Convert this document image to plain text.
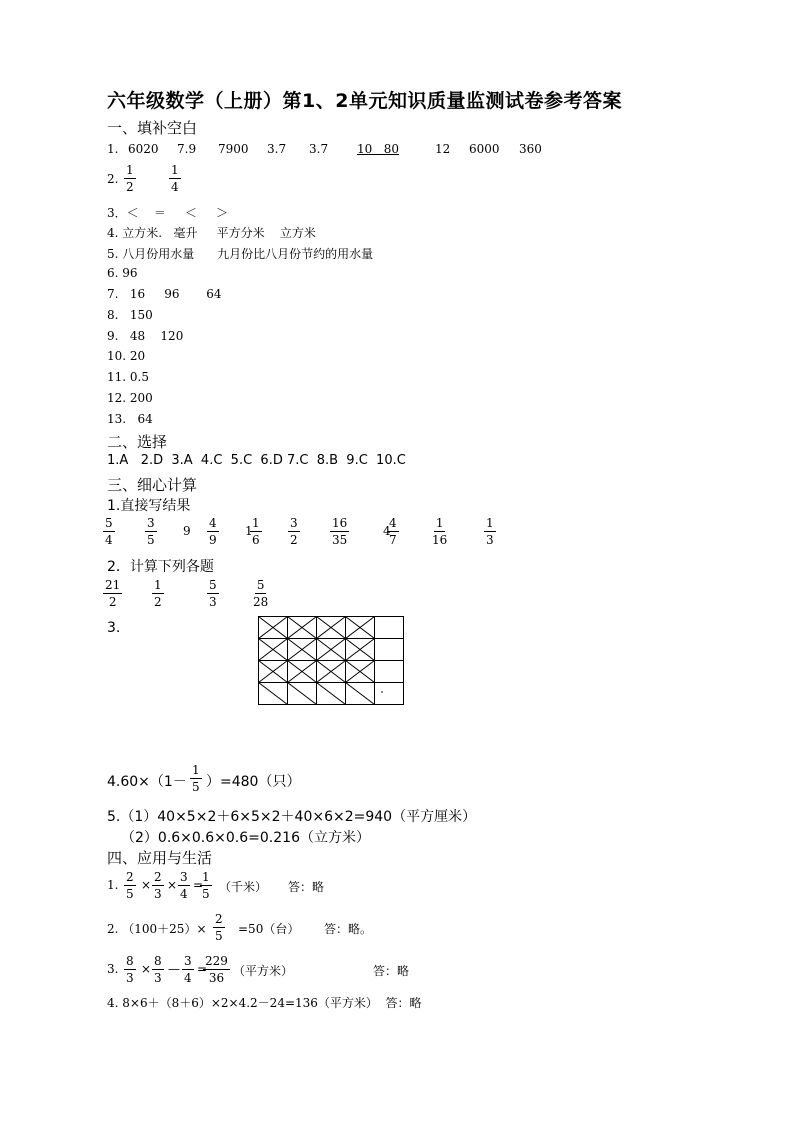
六年级数学（上册）第1、2单元知识质量监测试卷参考答案
一、填补空白
1. 6020 7.9 7900 3.7 3.7 10   80	12 6000 360
2. $\frac{1}{2}$	$\frac{1}{4}$
3．＜    ＝     ＜     ＞
4. 立方米.   毫升     平方分米    立方米
5. 八月份用水量      九月份比八月份节约的用水量
6. 96
7.   16     96       64
8.   150
9.   48    120
10. 20
11. 0.5
12. 200
13.   64
二、选择
1.A   2.D  3.A  4.C  5.C  6.D 7.C  8.B  9.C  10.C
三、细心计算
1.直接写结果
$\frac{5}{4}$	$\frac{3}{5} 9 \frac{4}{9} 1$
$\frac{1}{6} \frac{3}{2}$	$\frac{16}{35}$	4
$\frac{4}{7}$	$\frac{1}{16}$	$\frac{1}{3}$
2．计算下列各题
$\frac{21}{2} \frac{1}{2}$	$\frac{5}{3}$	$\frac{5}{28}$
3.
$4.60\times(1- \frac{1}{5} )=480$（只）
5.（1）40×5×2＋6×5×2＋40×6×2=940（平方厘米）
（2）0.6×0.6×0.6=0.216（立方米）
四、应用与生活
1. $\frac{2}{5} \times \frac{2}{3} \times \frac{3}{4}$ =
$\frac{1}{5}$ （千米） 答：略
2. $(100+25)\times \frac{2}{5} =50$（台） 答：略。
3. $\frac{8}{3} \times \frac{8}{3}$ — $\frac{3}{4}$ =
$\frac{229}{36}$ （平方米）	答：略
4. 8×6＋（8＋6）×2×4.2－24=136（平方米）  答：略
